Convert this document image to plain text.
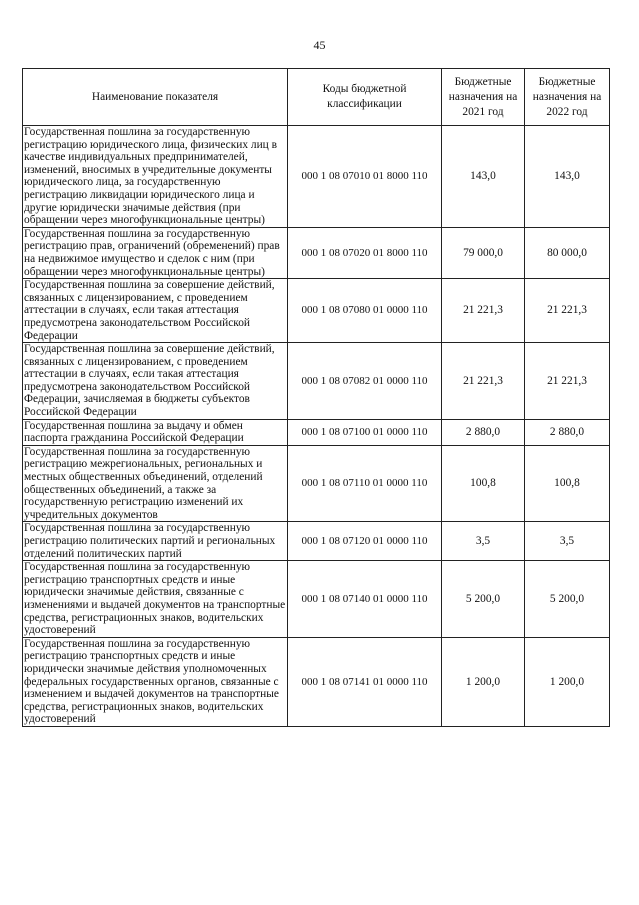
45
Наименование показателя	Коды бюджетной классификации	Бюджетные назначения на 2021 год	Бюджетные назначения на 2022 год
Государственная пошлина за государственную регистрацию юридического лица, физических лиц в качестве индивидуальных предпринимателей, изменений, вносимых в учредительные документы юридического лица, за государственную регистрацию ликвидации юридического лица и другие юридически значимые действия (при обращении через многофункциональные центры)	000 1 08 07010 01 8000 110	143,0	143,0
Государственная пошлина за государственную регистрацию прав, ограничений (обременений) прав на недвижимое имущество и сделок с ним (при обращении через многофункциональные центры)	000 1 08 07020 01 8000 110	79 000,0	80 000,0
Государственная пошлина за совершение действий, связанных с лицензированием, с проведением аттестации в случаях, если такая аттестация предусмотрена законодательством Российской Федерации	000 1 08 07080 01 0000 110	21 221,3	21 221,3
Государственная пошлина за совершение действий, связанных с лицензированием, с проведением аттестации в случаях, если такая аттестация предусмотрена законодательством Российской Федерации, зачисляемая в бюджеты субъектов Российской Федерации	000 1 08 07082 01 0000 110	21 221,3	21 221,3
Государственная пошлина за выдачу и обмен паспорта гражданина Российской Федерации	000 1 08 07100 01 0000 110	2 880,0	2 880,0
Государственная пошлина за государственную регистрацию межрегиональных, региональных и местных общественных объединений, отделений общественных объединений, а также за государственную регистрацию изменений их учредительных документов	000 1 08 07110 01 0000 110	100,8	100,8
Государственная пошлина за государственную регистрацию политических партий и региональных отделений политических партий	000 1 08 07120 01 0000 110	3,5	3,5
Государственная пошлина за государственную регистрацию транспортных средств и иные юридически значимые действия, связанные с изменениями и выдачей документов на транспортные средства, регистрационных знаков, водительских удостоверений	000 1 08 07140 01 0000 110	5 200,0	5 200,0
Государственная пошлина за государственную регистрацию транспортных средств и иные юридически значимые действия уполномоченных федеральных государственных органов, связанные с изменением и выдачей документов на транспортные средства, регистрационных знаков, водительских удостоверений	000 1 08 07141 01 0000 110	1 200,0	1 200,0
